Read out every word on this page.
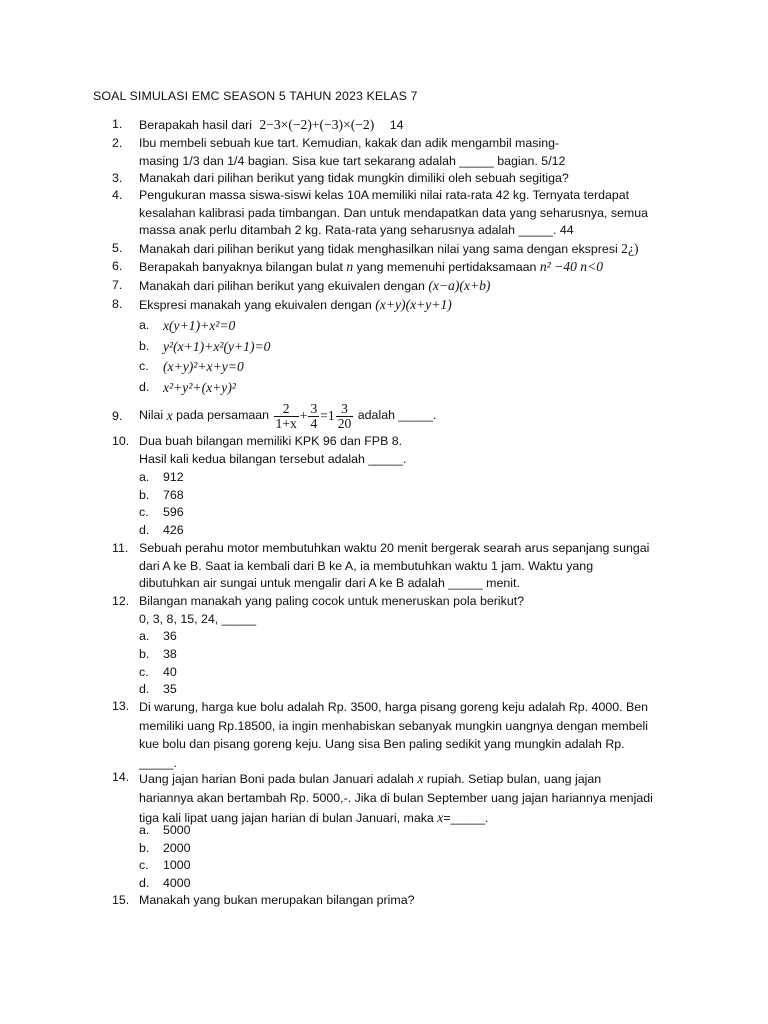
SOAL SIMULASI EMC SEASON 5 TAHUN 2023 KELAS 7
1.	Berapakah hasil dari 2−3×(−2)+(−3)×(−2) 14
2.	Ibu membeli sebuah kue tart. Kemudian, kakak dan adik mengambil masing-
masing 1/3 dan 1/4 bagian. Sisa kue tart sekarang adalah _____ bagian. 5/12
3.	Manakah dari pilihan berikut yang tidak mungkin dimiliki oleh sebuah segitiga?
4.	Pengukuran massa siswa-siswi kelas 10A memiliki nilai rata-rata 42 kg. Ternyata terdapat
kesalahan kalibrasi pada timbangan. Dan untuk mendapatkan data yang seharusnya, semua
massa anak perlu ditambah 2 kg. Rata-rata yang seharusnya adalah _____. 44
5.	Manakah dari pilihan berikut yang tidak menghasilkan nilai yang sama dengan ekspresi 2¿)
6.	Berapakah banyaknya bilangan bulat n yang memenuhi pertidaksamaan n² −40 n<0
7.	Manakah dari pilihan berikut yang ekuivalen dengan (x−a)(x+b)
8.	Ekspresi manakah yang ekuivalen dengan (x+y)(x+y+1)
a. x(y+1)+x²=0
b. y²(x+1)+x²(y+1)=0
c. (x+y)²+x+y=0
d. x²+y²+(x+y)²
9.	Nilai
x
pada persamaan
$\frac{2}{1+x} + \frac{3}{4} =1 \frac{3}{20}$
adalah _____.
10. Dua buah bilangan memiliki KPK 96 dan FPB 8.
Hasil kali kedua bilangan tersebut adalah _____.
a. 912
b. 768
c. 596
d. 426
11. Sebuah perahu motor membutuhkan waktu 20 menit bergerak searah arus sepanjang sungai
dari A ke B. Saat ia kembali dari B ke A, ia membutuhkan waktu 1 jam. Waktu yang
dibutuhkan air sungai untuk mengalir dari A ke B adalah _____ menit.
12. Bilangan manakah yang paling cocok untuk meneruskan pola berikut?
0, 3, 8, 15, 24, _____
a. 36
b. 38
c. 40
d. 35
13. Di warung, harga kue bolu adalah Rp. 3500, harga pisang goreng keju adalah Rp. 4000. Ben
memiliki uang Rp.18500, ia ingin menhabiskan sebanyak mungkin uangnya dengan membeli
kue bolu dan pisang goreng keju. Uang sisa Ben paling sedikit yang mungkin adalah Rp.
_____.
14. Uang jajan harian Boni pada bulan Januari adalah x rupiah. Setiap bulan, uang jajan
hariannya akan bertambah Rp. 5000,-. Jika di bulan September uang jajan hariannya menjadi
tiga kali lipat uang jajan harian di bulan Januari, maka x=_____.
a. 5000
b. 2000
c. 1000
d. 4000
15. Manakah yang bukan merupakan bilangan prima?
